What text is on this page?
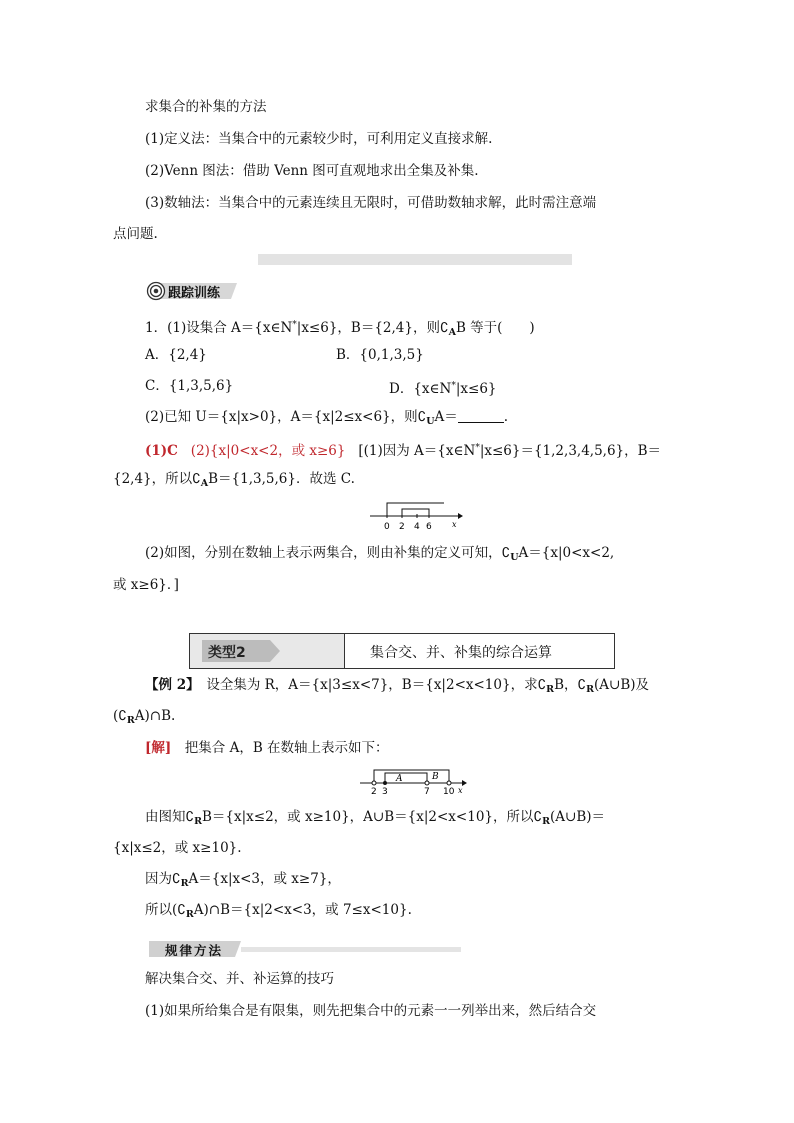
求集合的补集的方法
(1)定义法：当集合中的元素较少时，可利用定义直接求解.
(2)Venn 图法：借助 Venn 图可直观地求出全集及补集.
(3)数轴法：当集合中的元素连续且无限时，可借助数轴求解，此时需注意端
点问题.
跟踪训练
1．(1)设集合 A＝{x∈N*|x≤6}，B＝{2,4}，则$∁_AB$ 等于(　　)
A．{2,4}	B．{0,1,3,5}
C．{1,3,5,6}	D．{x∈N*|x≤6}
(2)已知 U＝{x|x>0}，A＝{x|2≤x<6}，则$∁_UA=$	.
(1)C (2){x|0<x<2，或 x≥6} [(1)因为 A＝{x∈N*|x≤6}＝{1,2,3,4,5,6}，B＝
{2,4}，所以$∁_AB=\{1,3,5,6\}$．故选 C.
0 2 4 6	x
(2)如图，分别在数轴上表示两集合，则由补集的定义可知，$∁_UA=\{x|0<x<2$,
或 x≥6}．]
类型2	集合交、并、补集的综合运算
【例 2】　设全集为 R，A＝{x|3≤x<7}，B＝{x|2<x<10}，求$∁_RB$，$∁_R(A\cup B)$及
$(∁_RA)\cap B$.
[解]　把集合 A，B 在数轴上表示如下：
A	B
2 3	7 10 x
由图知$∁_RB=\{x|x\le 2$，或 x≥10}，A∪B＝{x|2<x<10}，所以$∁_R(A\cup B)=$
{x|x≤2，或 x≥10}.
因为$∁_RA=\{x|x<3$，或 x≥7}，
所以$(∁_RA)\cap B=\{x|2<x<3$，或 7≤x<10}.
规律方法
解决集合交、并、补运算的技巧
(1)如果所给集合是有限集，则先把集合中的元素一一列举出来，然后结合交
